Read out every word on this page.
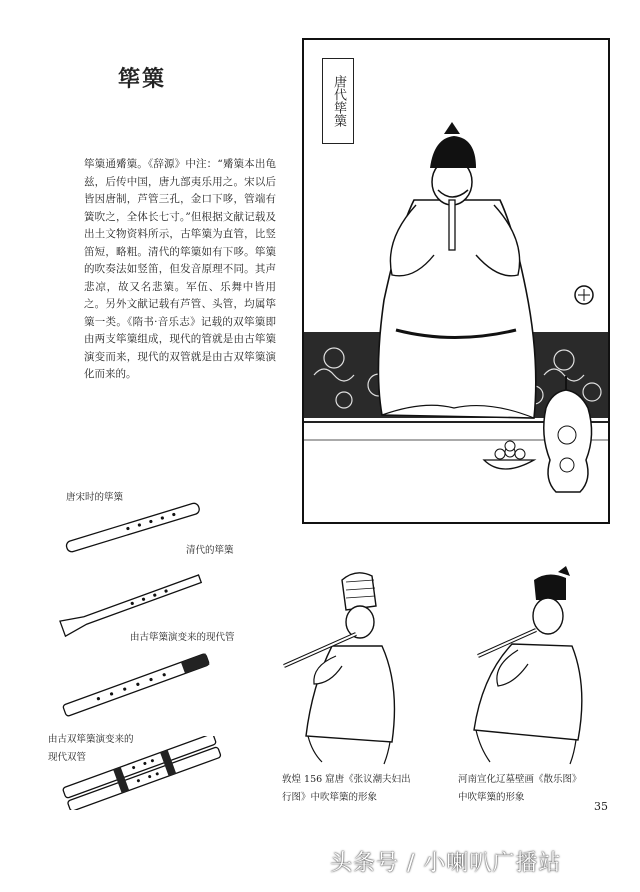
筚篥

筚篥通觱篥。《辞源》中注：“觱篥本出龟兹，后传中国，唐九部夷乐用之。宋以后皆因唐制，芦管三孔，金口下哆，管端有簧吹之，全体长七寸。”但根据文献记载及出土文物资料所示，古筚篥为直管，比竖笛短，略粗。清代的筚篥如有下哆。筚篥的吹奏法如竖笛，但发音原理不同。其声悲凉，故又名悲篥。军伍、乐舞中皆用之。另外文献记载有芦管、头管，均属筚篥一类。《隋书·音乐志》记载的双筚篥即由两支筚篥组成，现代的管就是由古筚篥演变而来，现代的双管就是由古双筚篥演化而来的。

唐代筚篥
唐宋时的筚篥
清代的筚篥
由古筚篥演变来的现代管
由古双筚篥演变来的
现代双管
敦煌 156 窟唐《张议潮夫妇出
行图》中吹筚篥的形象
河南宣化辽墓壁画《散乐图》
中吹筚篥的形象
35
头条号 / 小喇叭广播站
